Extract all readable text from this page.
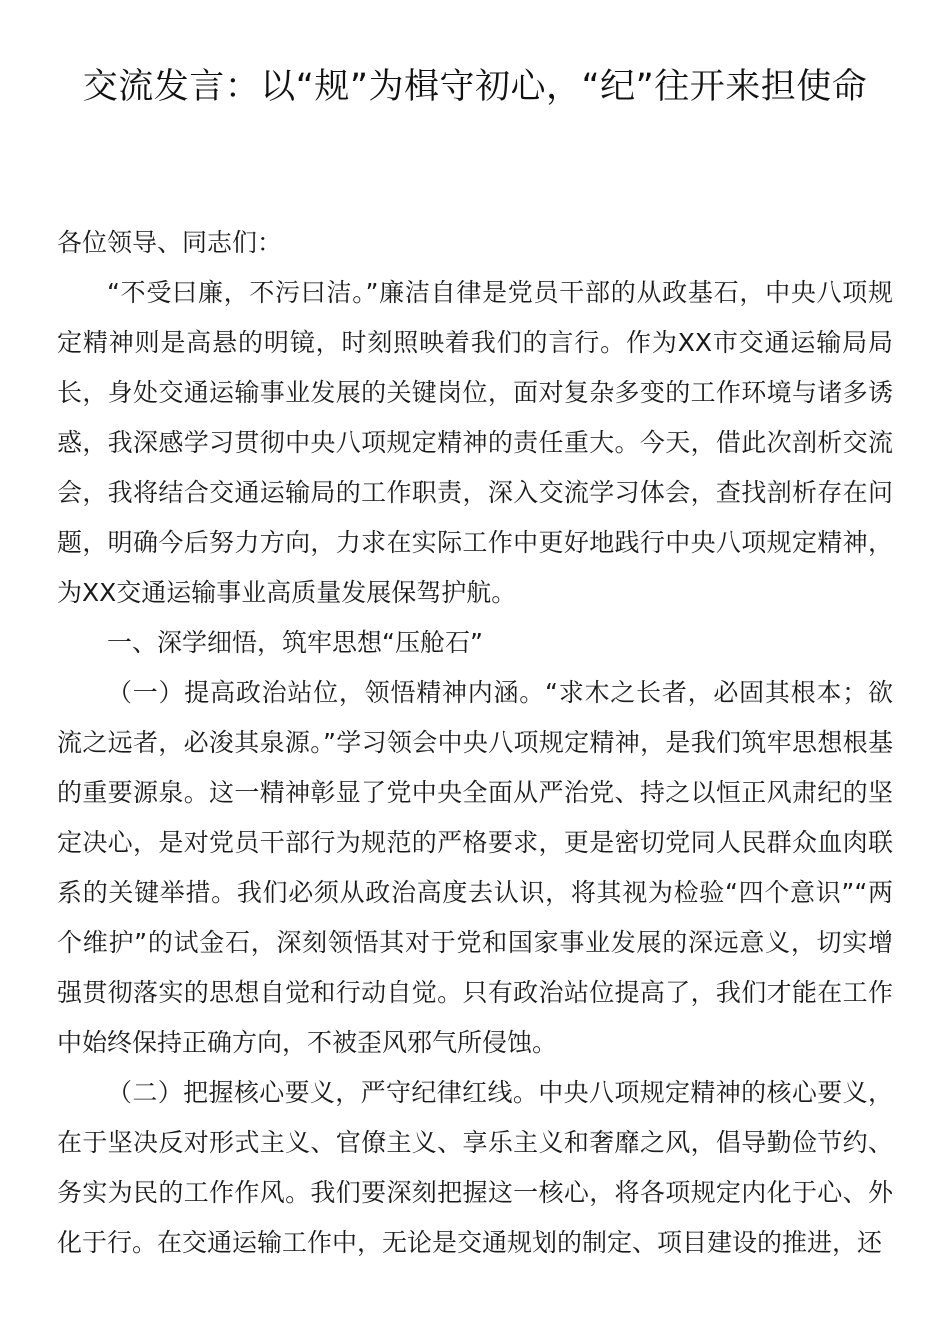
交流发言：以“规”为楫守初心，“纪”往开来担使命

各位领导、同志们：

“不受曰廉，不污曰洁。”廉洁自律是党员干部的从政基石，中央八项规定精神则是高悬的明镜，时刻照映着我们的言行。作为XX市交通运输局局长，身处交通运输事业发展的关键岗位，面对复杂多变的工作环境与诸多诱惑，我深感学习贯彻中央八项规定精神的责任重大。今天，借此次剖析交流会，我将结合交通运输局的工作职责，深入交流学习体会，查找剖析存在问题，明确今后努力方向，力求在实际工作中更好地践行中央八项规定精神，为XX交通运输事业高质量发展保驾护航。

一、深学细悟，筑牢思想“压舱石”

（一）提高政治站位，领悟精神内涵。“求木之长者，必固其根本；欲流之远者，必浚其泉源。”学习领会中央八项规定精神，是我们筑牢思想根基的重要源泉。这一精神彰显了党中央全面从严治党、持之以恒正风肃纪的坚定决心，是对党员干部行为规范的严格要求，更是密切党同人民群众血肉联系的关键举措。我们必须从政治高度去认识，将其视为检验“四个意识”“两个维护”的试金石，深刻领悟其对于党和国家事业发展的深远意义，切实增强贯彻落实的思想自觉和行动自觉。只有政治站位提高了，我们才能在工作中始终保持正确方向，不被歪风邪气所侵蚀。

（二）把握核心要义，严守纪律红线。中央八项规定精神的核心要义，在于坚决反对形式主义、官僚主义、享乐主义和奢靡之风，倡导勤俭节约、务实为民的工作作风。我们要深刻把握这一核心，将各项规定内化于心、外化于行。在交通运输工作中，无论是交通规划的制定、项目建设的推进，还
